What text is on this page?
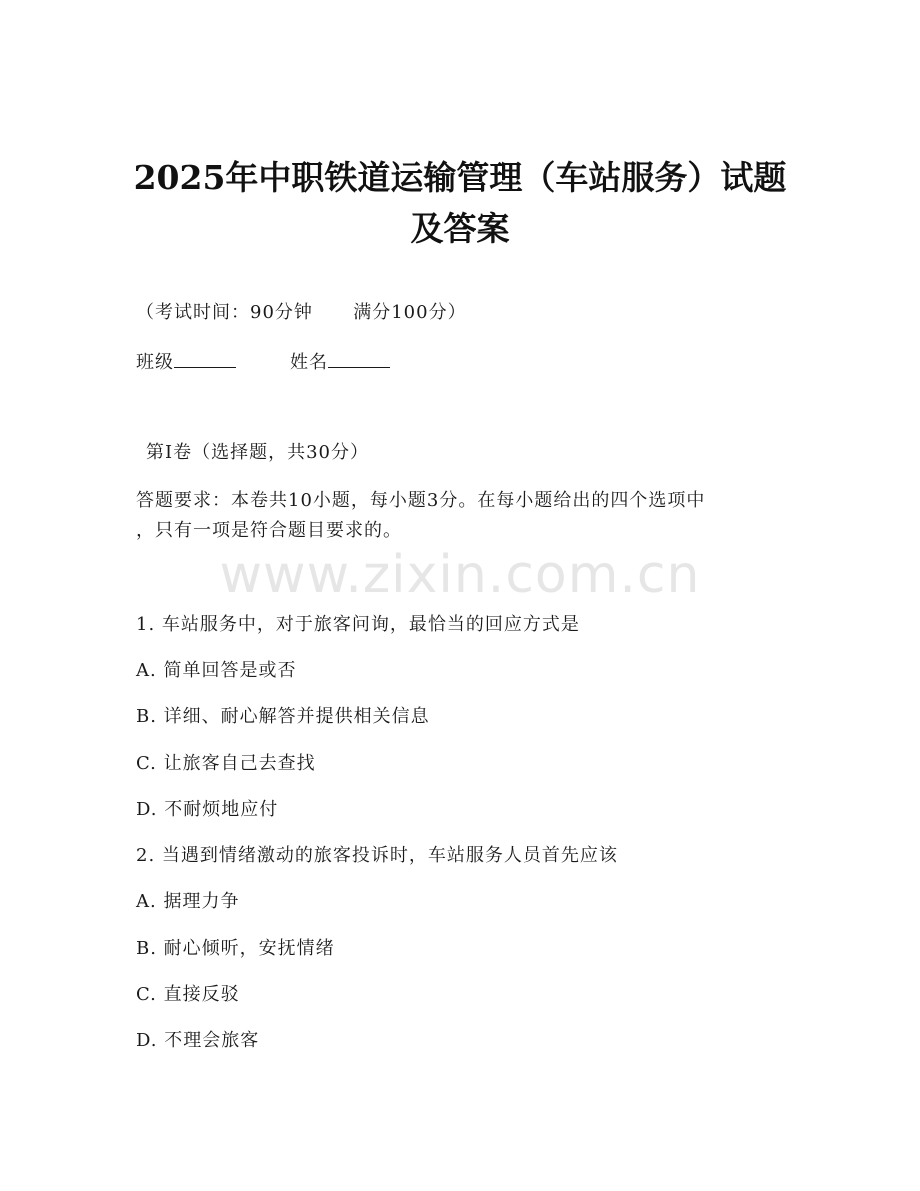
2025年中职铁道运输管理（车站服务）试题
及答案
（考试时间：90分钟      满分100分）
班级	姓名
第I卷（选择题，共30分）
答题要求：本卷共10小题，每小题3分。在每小题给出的四个选项中
，只有一项是符合题目要求的。
www.zixin.com.cn
1. 车站服务中，对于旅客问询，最恰当的回应方式是
A. 简单回答是或否
B. 详细、耐心解答并提供相关信息
C. 让旅客自己去查找
D. 不耐烦地应付
2. 当遇到情绪激动的旅客投诉时，车站服务人员首先应该
A. 据理力争
B. 耐心倾听，安抚情绪
C. 直接反驳
D. 不理会旅客
